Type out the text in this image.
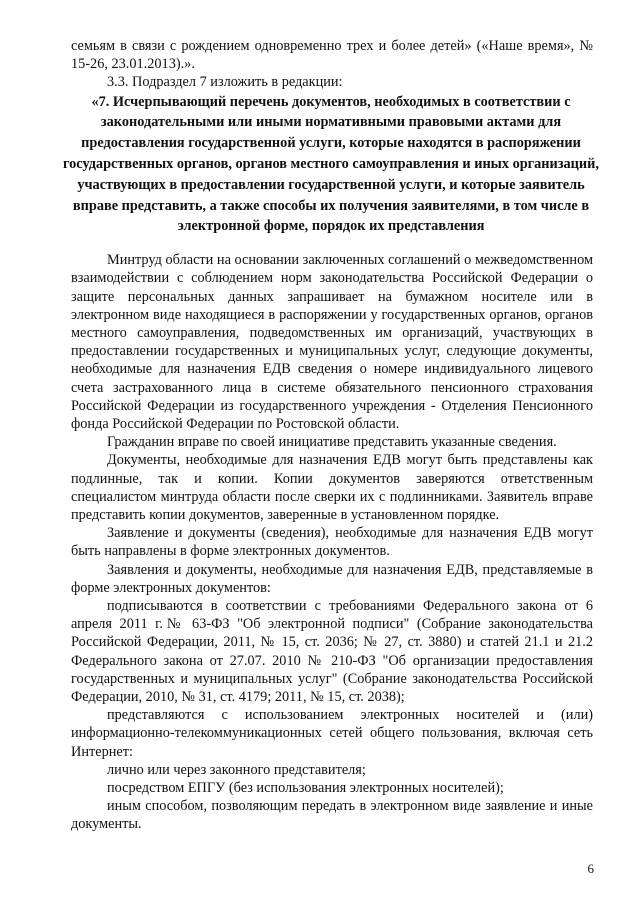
семьям в связи с рождением одновременно трех и более детей» («Наше время», № 15-26, 23.01.2013).».

3.3. Подраздел 7 изложить в редакции:

«7. Исчерпывающий перечень документов, необходимых в соответствии с законодательными или иными нормативными правовыми актами для предоставления государственной услуги, которые находятся в распоряжении государственных органов, органов местного самоуправления и иных организаций, участвующих в предоставлении государственной услуги, и которые заявитель вправе представить, а также способы их получения заявителями, в том числе в электронной форме, порядок их представления

Минтруд области на основании заключенных соглашений о межведомственном взаимодействии с соблюдением норм законодательства Российской Федерации о защите персональных данных запрашивает на бумажном носителе или в электронном виде находящиеся в распоряжении у государственных органов, органов местного самоуправления, подведомственных им организаций, участвующих в предоставлении государственных и муниципальных услуг, следующие документы, необходимые для назначения ЕДВ сведения о номере индивидуального лицевого счета застрахованного лица в системе обязательного пенсионного страхования Российской Федерации из государственного учреждения - Отделения Пенсионного фонда Российской Федерации по Ростовской области.

Гражданин вправе по своей инициативе представить указанные сведения.

Документы, необходимые для назначения ЕДВ могут быть представлены как подлинные, так и копии. Копии документов заверяются ответственным специалистом минтруда области после сверки их с подлинниками. Заявитель вправе представить копии документов, заверенные в установленном порядке.

Заявление и документы (сведения), необходимые для назначения ЕДВ могут быть направлены в форме электронных документов.

Заявления и документы, необходимые для назначения ЕДВ, представляемые в форме электронных документов:

подписываются в соответствии с требованиями Федерального закона от 6 апреля 2011 г.№ 63-ФЗ "Об электронной подписи" (Собрание законодательства Российской Федерации, 2011, № 15, ст. 2036; № 27, ст. 3880) и статей 21.1 и 21.2 Федерального закона от 27.07. 2010 № 210-ФЗ "Об организации предоставления государственных и муниципальных услуг" (Собрание законодательства Российской Федерации, 2010, № 31, ст. 4179; 2011, № 15, ст. 2038);

представляются с использованием электронных носителей и (или) информационно-телекоммуникационных сетей общего пользования, включая сеть Интернет:

лично или через законного представителя;

посредством ЕПГУ (без использования электронных носителей);

иным способом, позволяющим передать в электронном виде заявление и иные документы.

6
